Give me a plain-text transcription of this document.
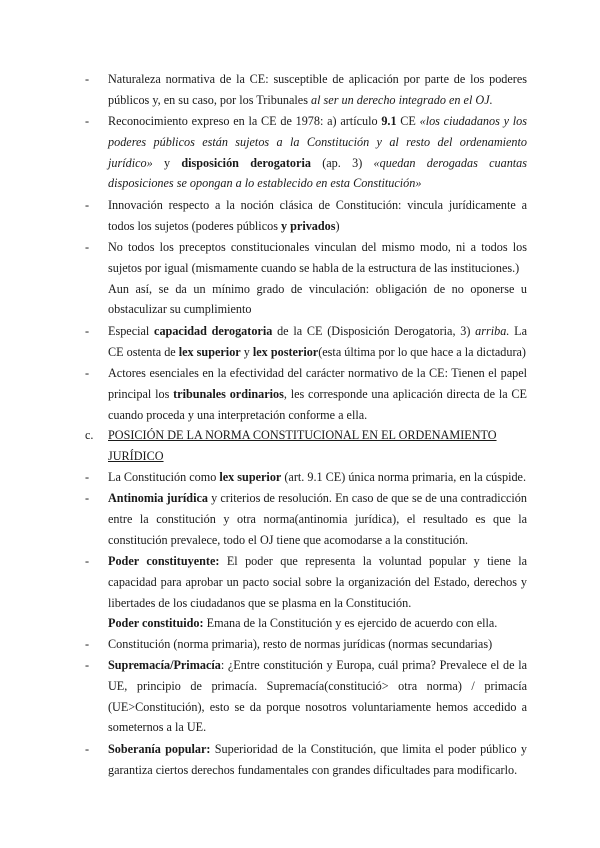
- Naturaleza normativa de la CE: susceptible de aplicación por parte de los poderes públicos y, en su caso, por los Tribunales al ser un derecho integrado en el OJ.

- Reconocimiento expreso en la CE de 1978: a) artículo 9.1 CE «los ciudadanos y los poderes públicos están sujetos a la Constitución y al resto del ordenamiento jurídico» y disposición derogatoria (ap. 3) «quedan derogadas cuantas disposiciones se opongan a lo establecido en esta Constitución»

- Innovación respecto a la noción clásica de Constitución: vincula jurídicamente a todos los sujetos (poderes públicos y privados)

- No todos los preceptos constitucionales vinculan del mismo modo, ni a todos los sujetos por igual (mismamente cuando se habla de la estructura de las instituciones.)

Aun así, se da un mínimo grado de vinculación: obligación de no oponerse u obstaculizar su cumplimiento

- Especial capacidad derogatoria de la CE (Disposición Derogatoria, 3) arriba. La CE ostenta de lex superior y lex posterior(esta última por lo que hace a la dictadura)

- Actores esenciales en la efectividad del carácter normativo de la CE: Tienen el papel principal los tribunales ordinarios, les corresponde una aplicación directa de la CE cuando proceda y una interpretación conforme a ella.

c. POSICIÓN DE LA NORMA CONSTITUCIONAL EN EL ORDENAMIENTO JURÍDICO
- La Constitución como lex superior (art. 9.1 CE) única norma primaria, en la cúspide.

- Antinomia jurídica y criterios de resolución. En caso de que se de una contradicción entre la constitución y otra norma(antinomia jurídica), el resultado es que la constitución prevalece, todo el OJ tiene que acomodarse a la constitución.

- Poder constituyente: El poder que representa la voluntad popular y tiene la capacidad para aprobar un pacto social sobre la organización del Estado, derechos y libertades de los ciudadanos que se plasma en la Constitución.

Poder constituido: Emana de la Constitución y es ejercido de acuerdo con ella.

- Constitución (norma primaria), resto de normas jurídicas (normas secundarias)

- Supremacía/Primacía: ¿Entre constitución y Europa, cuál prima? Prevalece el de la UE, principio de primacía. Supremacía(constitució> otra norma) / primacía (UE>Constitución), esto se da porque nosotros voluntariamente hemos accedido a someternos a la UE.

- Soberanía popular: Superioridad de la Constitución, que limita el poder público y garantiza ciertos derechos fundamentales con grandes dificultades para modificarlo.
